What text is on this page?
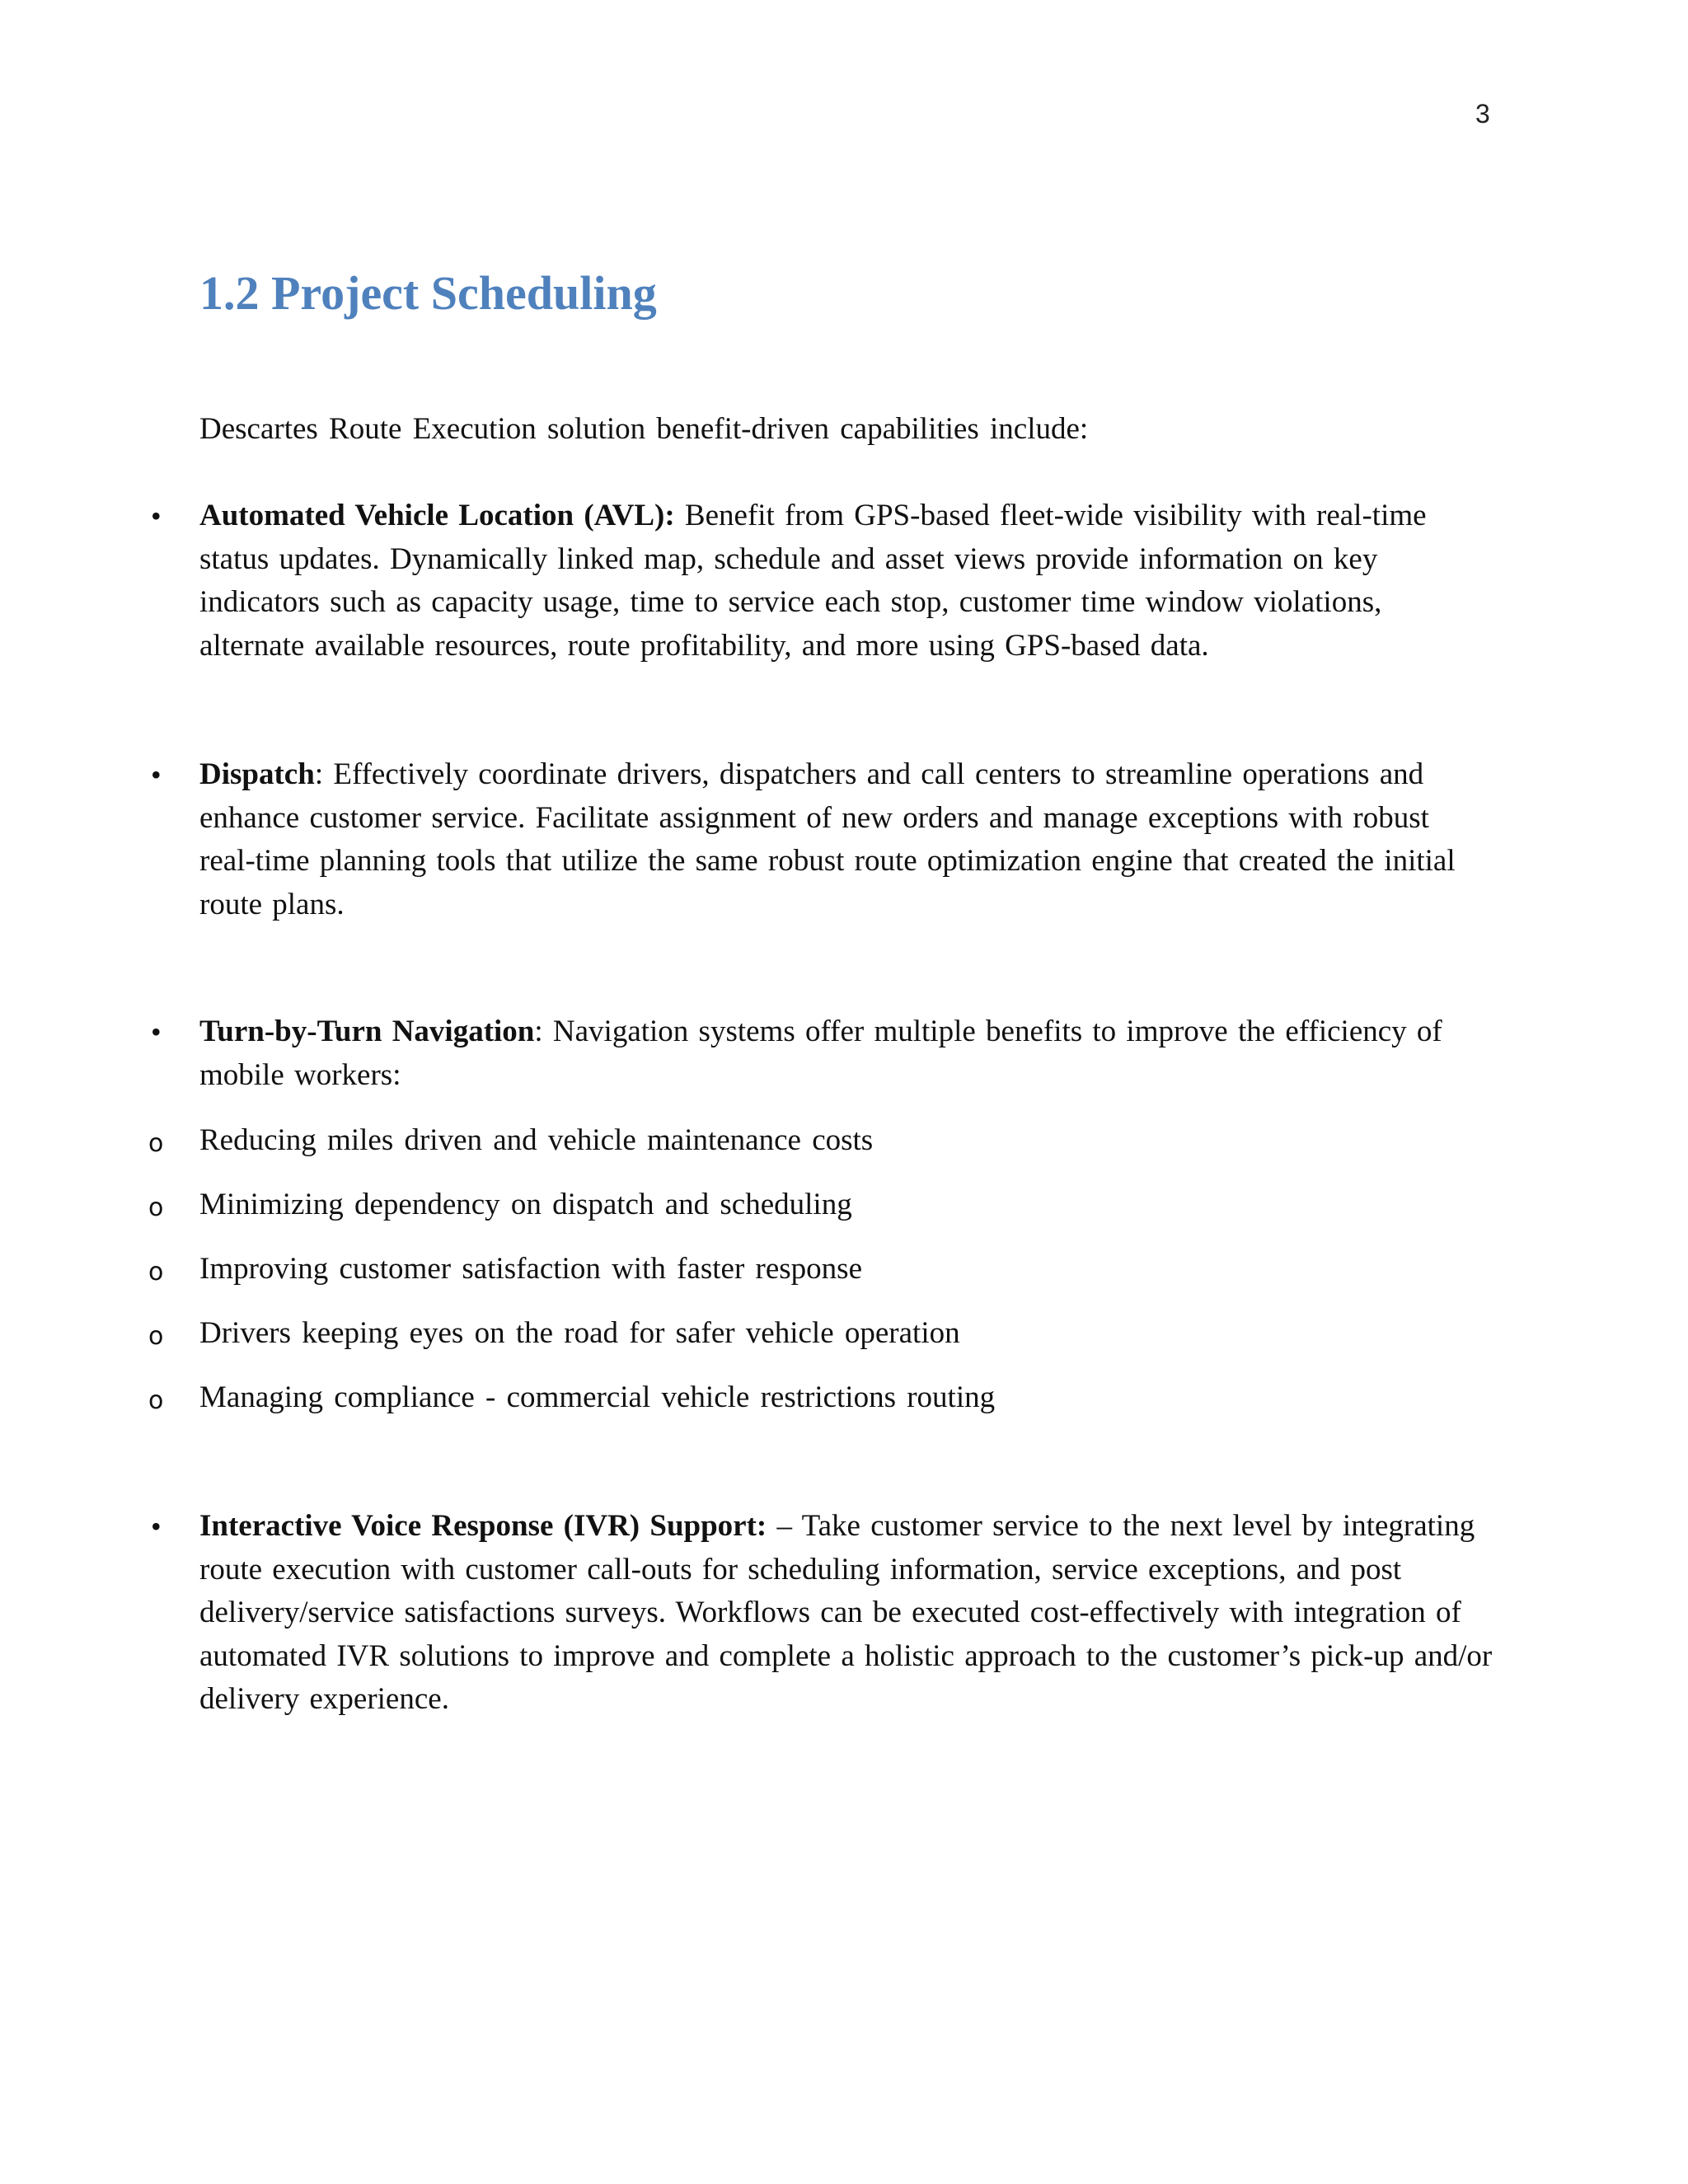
3
1.2 Project Scheduling

Descartes Route Execution solution benefit-driven capabilities include:

• Automated Vehicle Location (AVL): Benefit from GPS-based fleet-wide visibility with real-time status updates. Dynamically linked map, schedule and asset views provide information on key indicators such as capacity usage, time to service each stop, customer time window violations, alternate available resources, route profitability, and more using GPS-based data.

• Dispatch: Effectively coordinate drivers, dispatchers and call centers to streamline operations and enhance customer service. Facilitate assignment of new orders and manage exceptions with robust real-time planning tools that utilize the same robust route optimization engine that created the initial route plans.

• Turn-by-Turn Navigation: Navigation systems offer multiple benefits to improve the efficiency of mobile workers:

o Reducing miles driven and vehicle maintenance costs

o Minimizing dependency on dispatch and scheduling

o Improving customer satisfaction with faster response

o Drivers keeping eyes on the road for safer vehicle operation

o Managing compliance - commercial vehicle restrictions routing

• Interactive Voice Response (IVR) Support: – Take customer service to the next level by integrating route execution with customer call-outs for scheduling information, service exceptions, and post delivery/service satisfactions surveys. Workflows can be executed cost-effectively with integration of automated IVR solutions to improve and complete a holistic approach to the customer’s pick-up and/or delivery experience.
